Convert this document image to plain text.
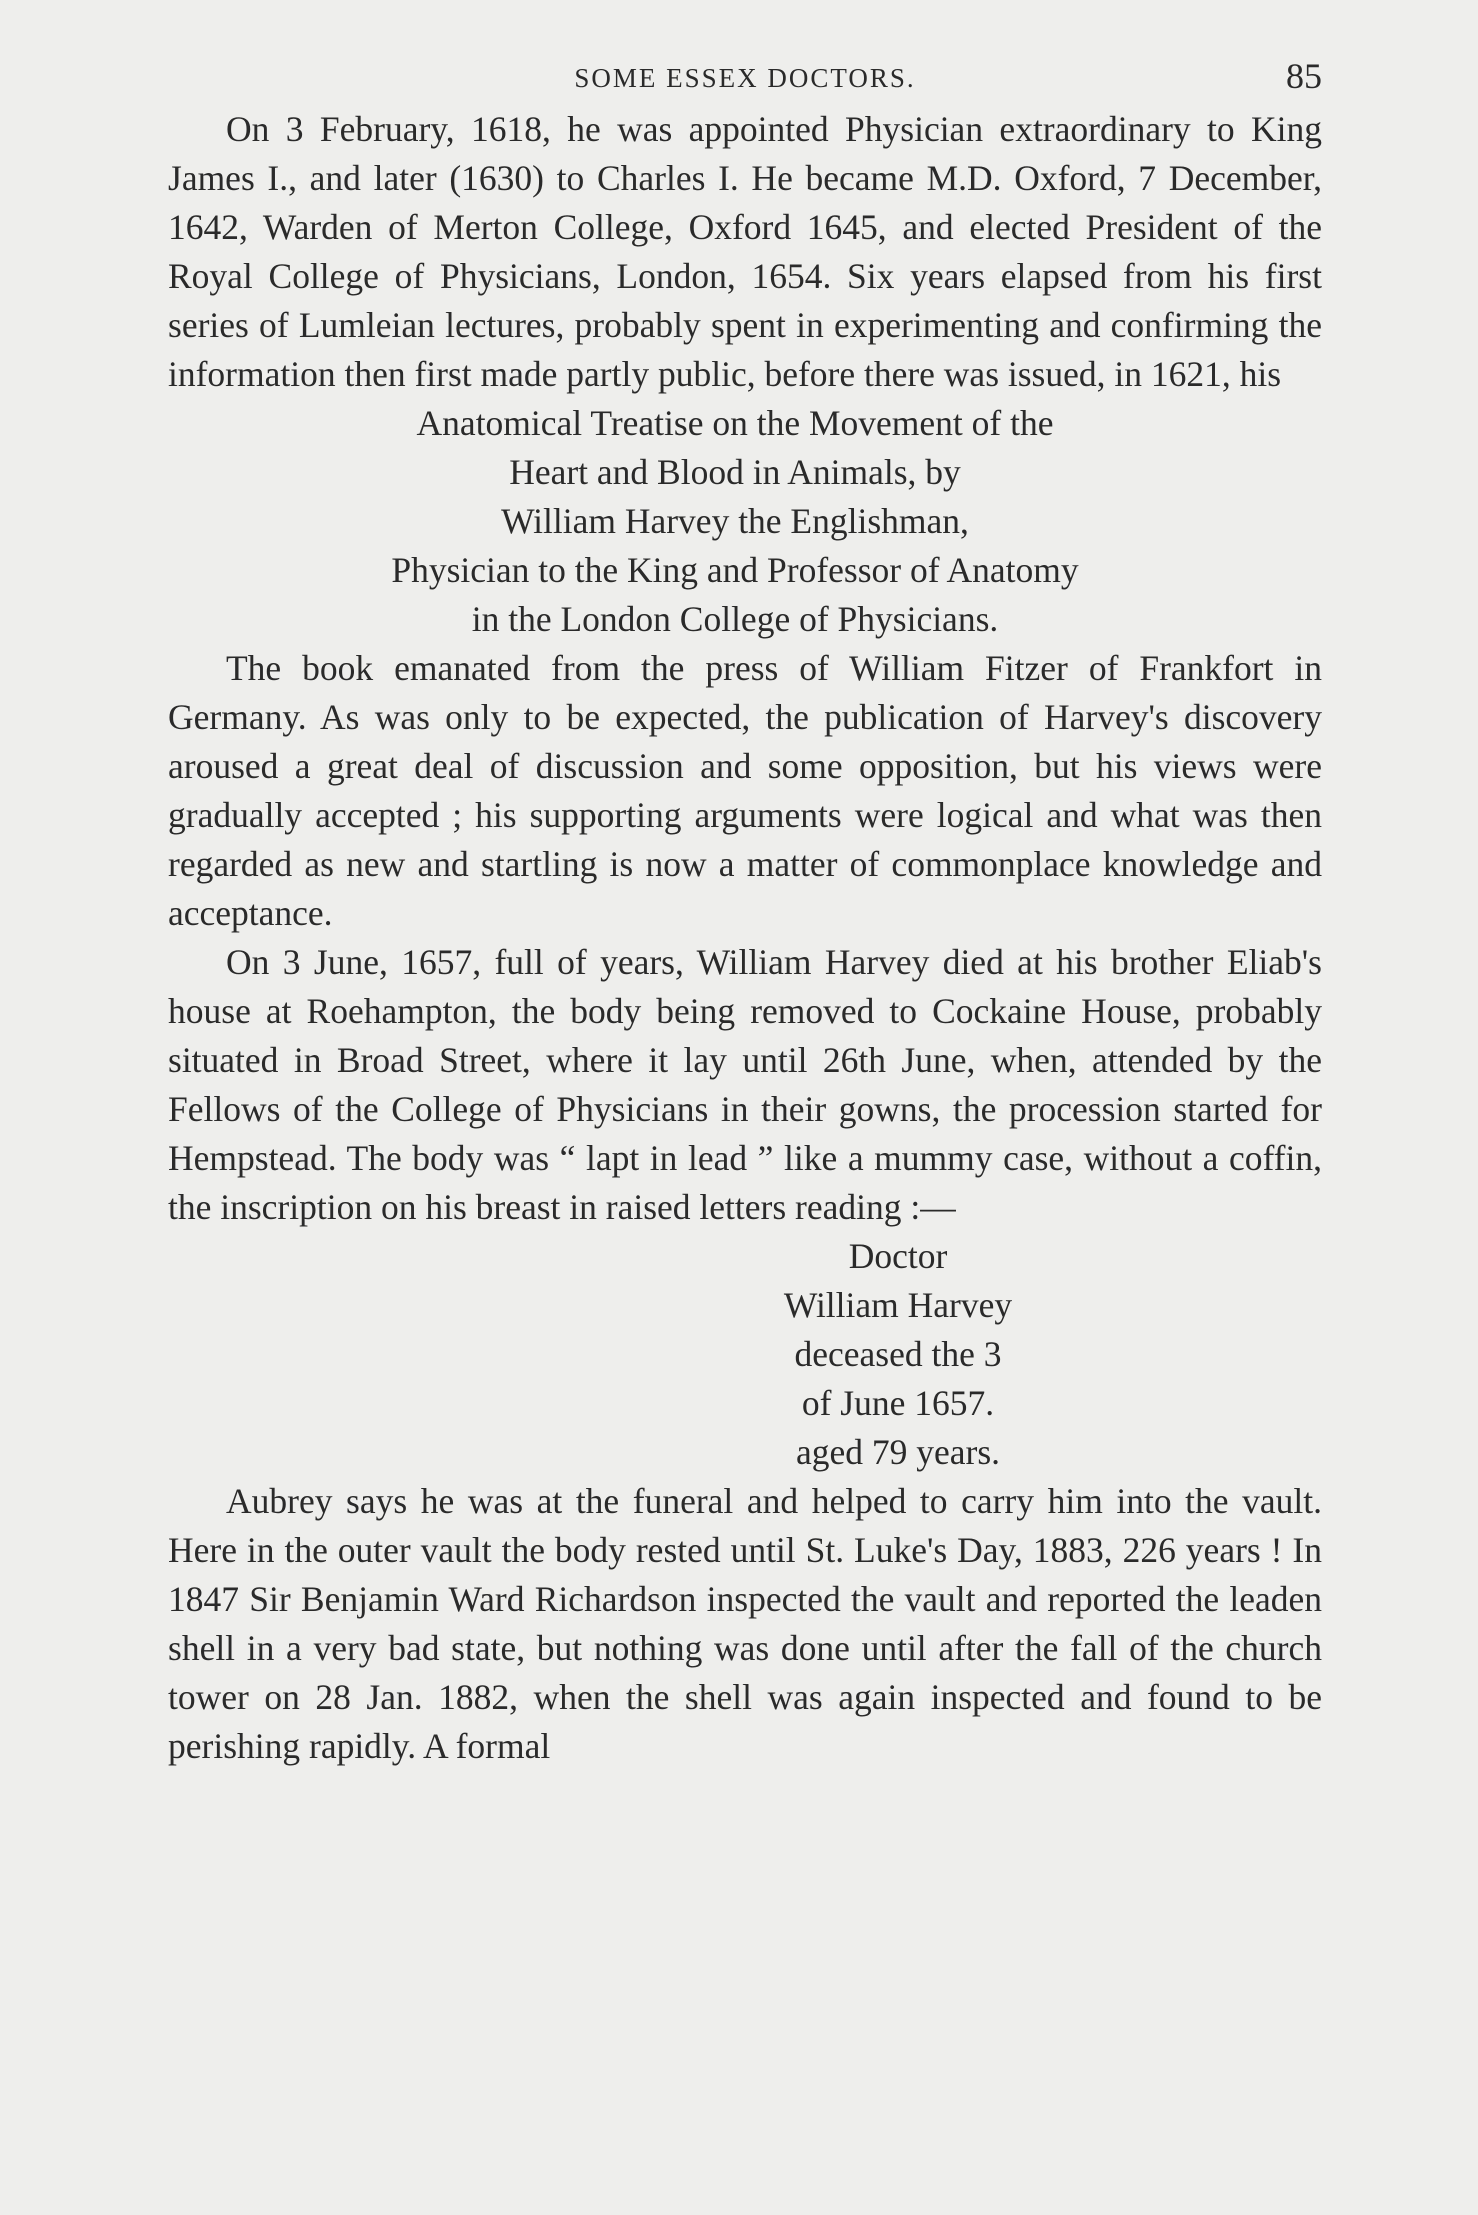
SOME ESSEX DOCTORS.	85

On 3 February, 1618, he was appointed Physician extraordinary to King James I., and later (1630) to Charles I. He became M.D. Oxford, 7 December, 1642, Warden of Merton College, Oxford 1645, and elected President of the Royal College of Physicians, London, 1654. Six years elapsed from his first series of Lumleian lectures, probably spent in experimenting and confirming the information then first made partly public, before there was issued, in 1621, his

Anatomical Treatise on the Movement of the
Heart and Blood in Animals, by
William Harvey the Englishman,
Physician to the King and Professor of Anatomy
in the London College of Physicians.

The book emanated from the press of William Fitzer of Frankfort in Germany. As was only to be expected, the publication of Harvey's discovery aroused a great deal of discussion and some opposition, but his views were gradually accepted ; his supporting arguments were logical and what was then regarded as new and startling is now a matter of commonplace knowledge and acceptance.

On 3 June, 1657, full of years, William Harvey died at his brother Eliab's house at Roehampton, the body being removed to Cockaine House, probably situated in Broad Street, where it lay until 26th June, when, attended by the Fellows of the College of Physicians in their gowns, the procession started for Hempstead. The body was “ lapt in lead ” like a mummy case, without a coffin, the inscription on his breast in raised letters reading :—

Doctor
William Harvey
deceased the 3
of June 1657.
aged 79 years.

Aubrey says he was at the funeral and helped to carry him into the vault. Here in the outer vault the body rested until St. Luke's Day, 1883, 226 years ! In 1847 Sir Benjamin Ward Richardson inspected the vault and reported the leaden shell in a very bad state, but nothing was done until after the fall of the church tower on 28 Jan. 1882, when the shell was again inspected and found to be perishing rapidly. A formal
